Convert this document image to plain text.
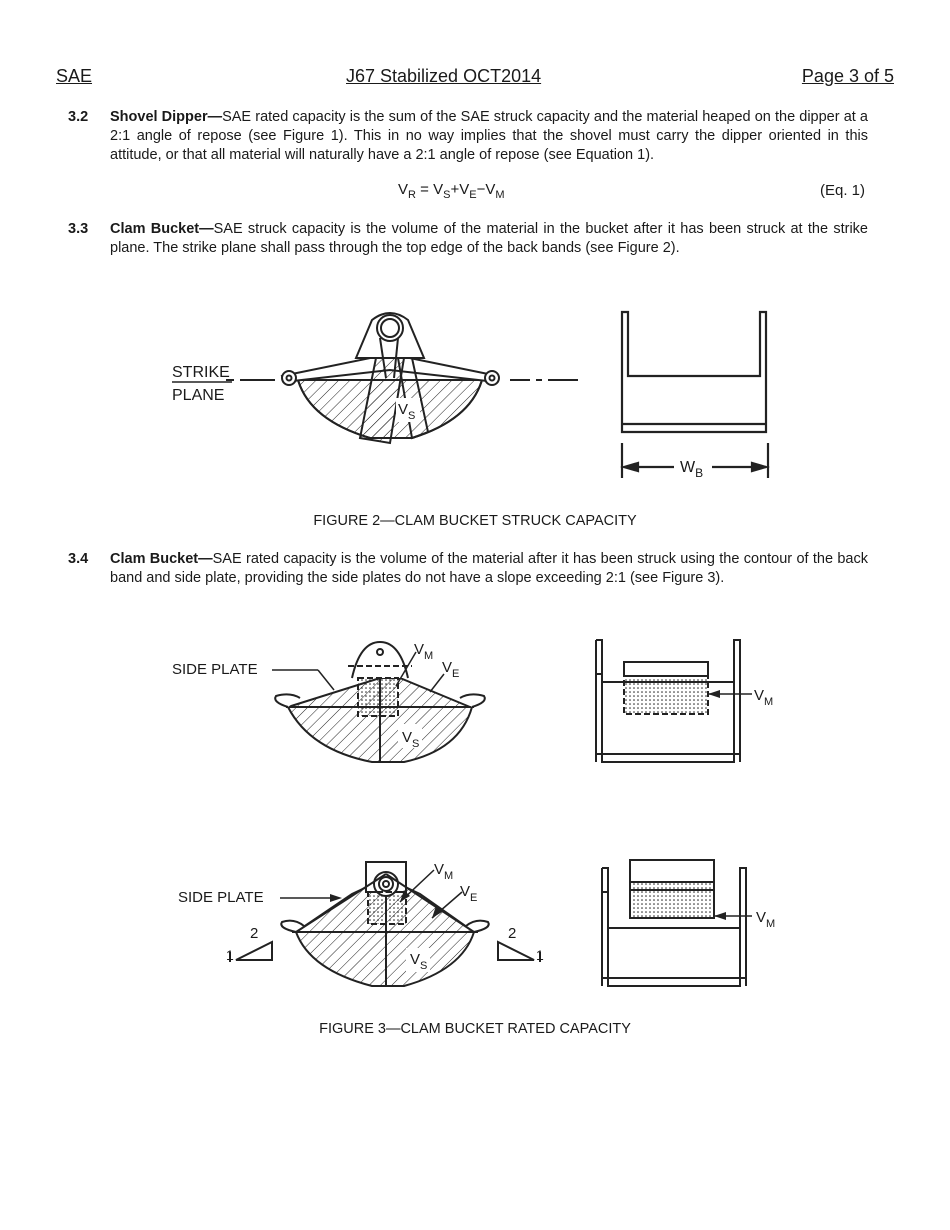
SAE	J67 Stabilized OCT2014	Page 3 of 5
3.2 Shovel Dipper—SAE rated capacity is the sum of the SAE struck capacity and the material heaped on the dipper at a 2:1 angle of repose (see Figure 1). This in no way implies that the shovel must carry the dipper oriented in this attitude, or that all material will naturally have a 2:1 angle of repose (see Equation 1).
$V_R = V_S+V_E-V_M$	(Eq. 1)
3.3 Clam Bucket—SAE struck capacity is the volume of the material in the bucket after it has been struck at the strike plane. The strike plane shall pass through the top edge of the back bands (see Figure 2).
STRIKE
PLANE
$V_S$
$W_B$
FIGURE 2—CLAM BUCKET STRUCK CAPACITY
3.4 Clam Bucket—SAE rated capacity is the volume of the material after it has been struck using the contour of the back band and side plate, providing the side plates do not have a slope exceeding 2:1 (see Figure 3).
SIDE PLATE
$V_M$
$V_E$
$V_S$
$V_M$
SIDE PLATE
2
1
2
1
$V_M$
$V_E$
$V_S$
$V_M$
FIGURE 3—CLAM BUCKET RATED CAPACITY
